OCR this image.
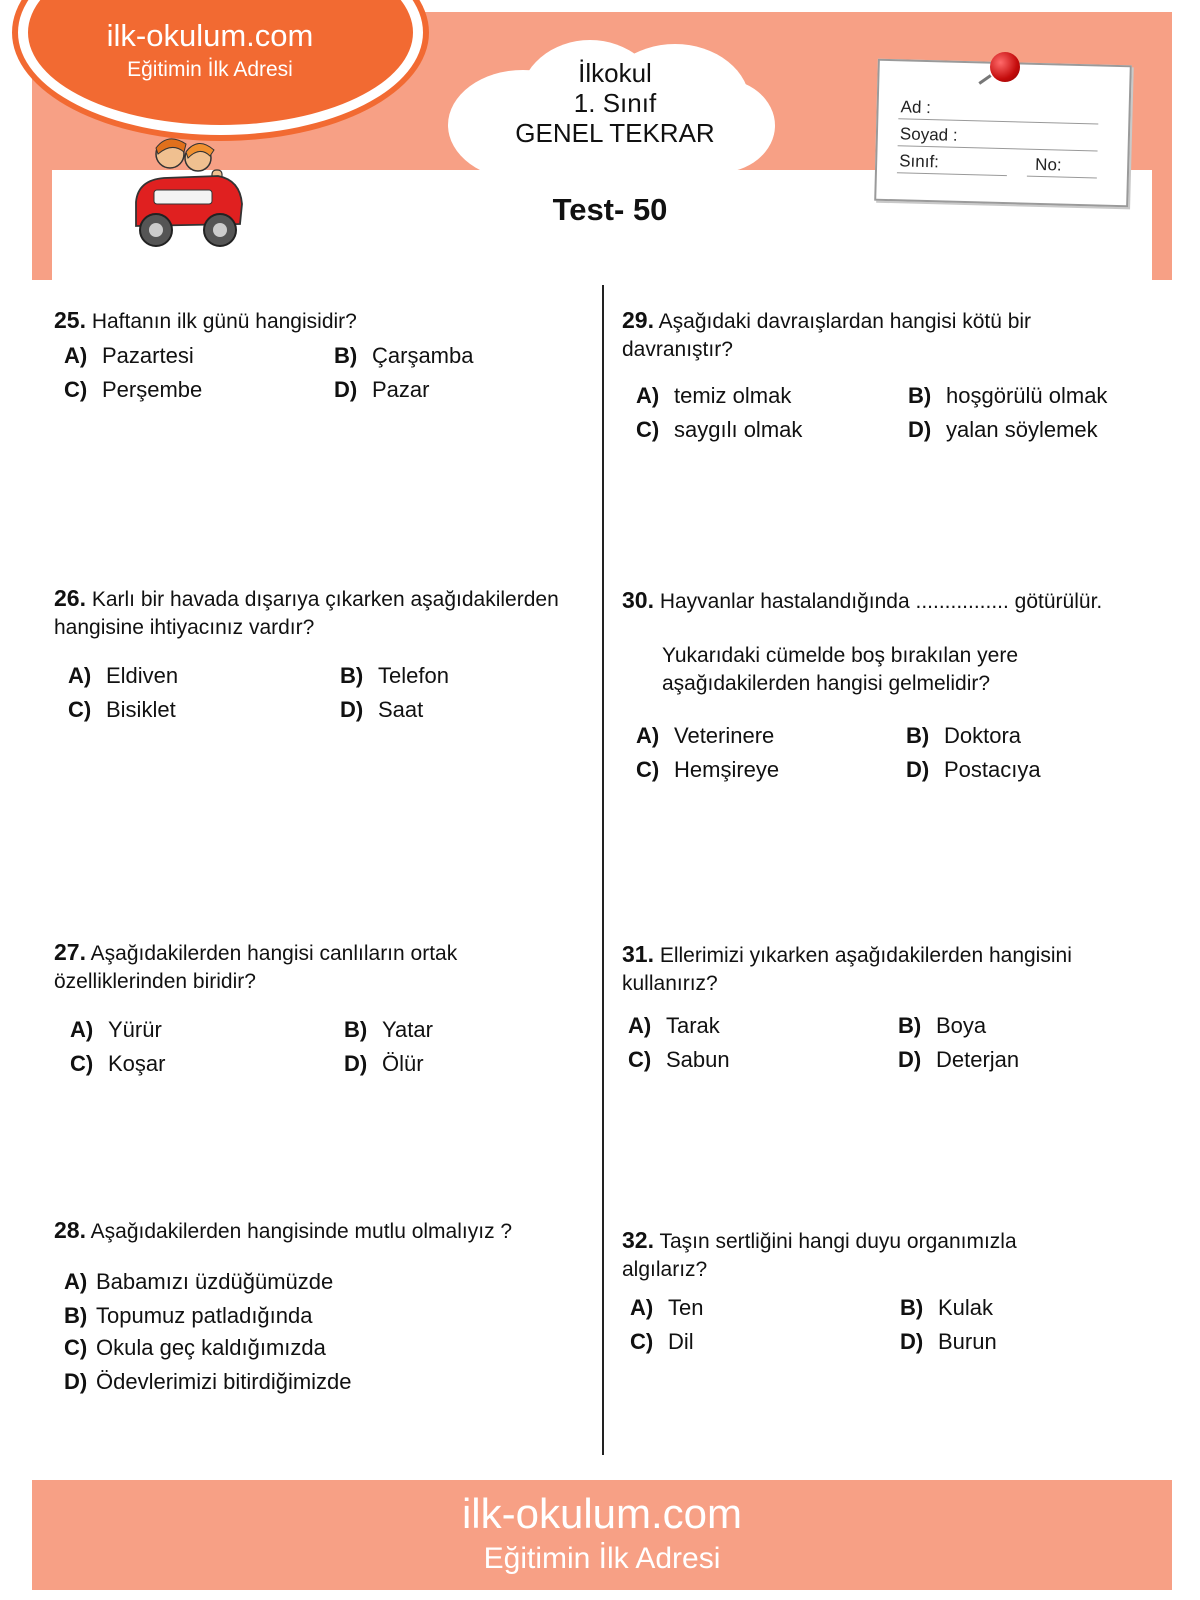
ilk-okulum.com
Eğitimin İlk Adresi	İlkokul
1. Sınıf
GENEL TEKRAR
Test- 50
Ad :
Soyad :
Sınıf:	No:
25. Haftanın ilk günü hangisidir?
A) Pazartesi	B) Çarşamba
C) Perşembe	D) Pazar
26. Karlı bir havada dışarıya çıkarken aşağıdakilerden hangisine ihtiyacınız vardır?
A) Eldiven	B) Telefon
C) Bisiklet	D) Saat
27. Aşağıdakilerden hangisi canlıların ortak özelliklerinden biridir?
A) Yürür	B) Yatar
C) Koşar	D) Ölür
28. Aşağıdakilerden hangisinde mutlu olmalıyız ?
A) Babamızı üzdüğümüzde
B) Topumuz patladığında
C) Okula geç kaldığımızda
D) Ödevlerimizi bitirdiğimizde
29. Aşağıdaki davraışlardan hangisi kötü bir davranıştır?
A) temiz olmak	B) hoşgörülü olmak
C) saygılı olmak	D) yalan söylemek
30. Hayvanlar hastalandığında ................ götürülür.
Yukarıdaki cümelde boş bırakılan yere aşağıdakilerden hangisi gelmelidir?
A) Veterinere	B) Doktora
C) Hemşireye	D) Postacıya
31. Ellerimizi yıkarken aşağıdakilerden hangisini kullanırız?
A) Tarak	B) Boya
C) Sabun	D) Deterjan
32. Taşın sertliğini hangi duyu organımızla algılarız?
A) Ten	B) Kulak
C) Dil	D) Burun
ilk-okulum.com
Eğitimin İlk Adresi
